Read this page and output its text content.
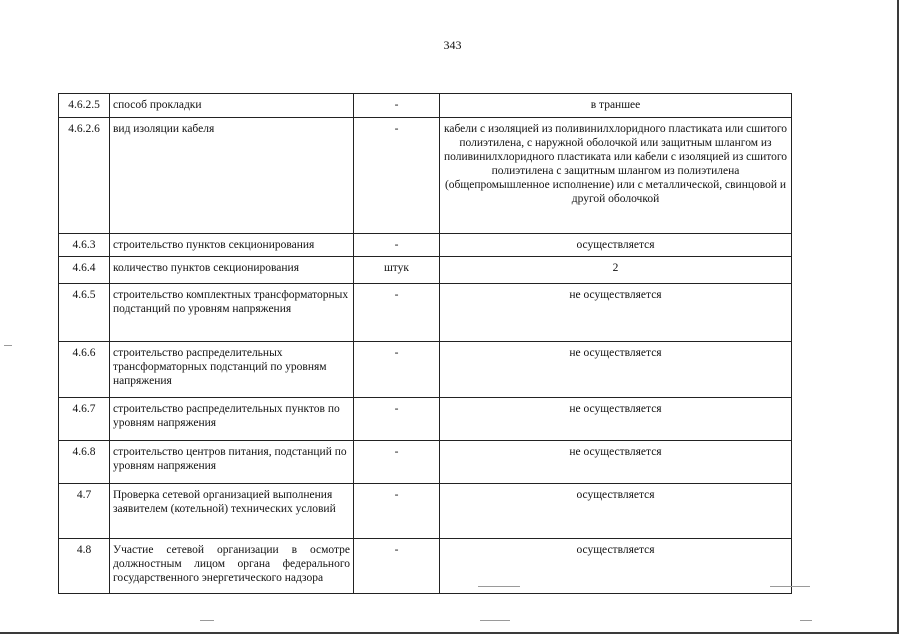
343
4.6.2.5	способ прокладки	-	в траншее
4.6.2.6	вид изоляции кабеля	-	кабели с изоляцией из поливинилхлоридного пластиката или сшитого полиэтилена, с наружной оболочкой или защитным шлангом из поливинилхлоридного пластиката или кабели с изоляцией из сшитого полиэтилена с защитным шлангом из полиэтилена (общепромышленное исполнение) или с металлической, свинцовой и другой оболочкой
4.6.3	строительство пунктов секционирования	-	осуществляется
4.6.4	количество пунктов секционирования	штук	2
4.6.5	строительство комплектных трансформаторных подстанций по уровням напряжения	-	не осуществляется
4.6.6	строительство распределительных трансформаторных подстанций по уровням напряжения	-	не осуществляется
4.6.7	строительство распределительных пунктов по уровням напряжения	-	не осуществляется
4.6.8	строительство центров питания, подстанций по уровням напряжения	-	не осуществляется
4.7	Проверка сетевой организацией выполнения заявителем (котельной) технических условий	-	осуществляется
4.8	Участие сетевой организации в осмотре должностным лицом органа федерального государственного энергетического надзора	-	осуществляется
